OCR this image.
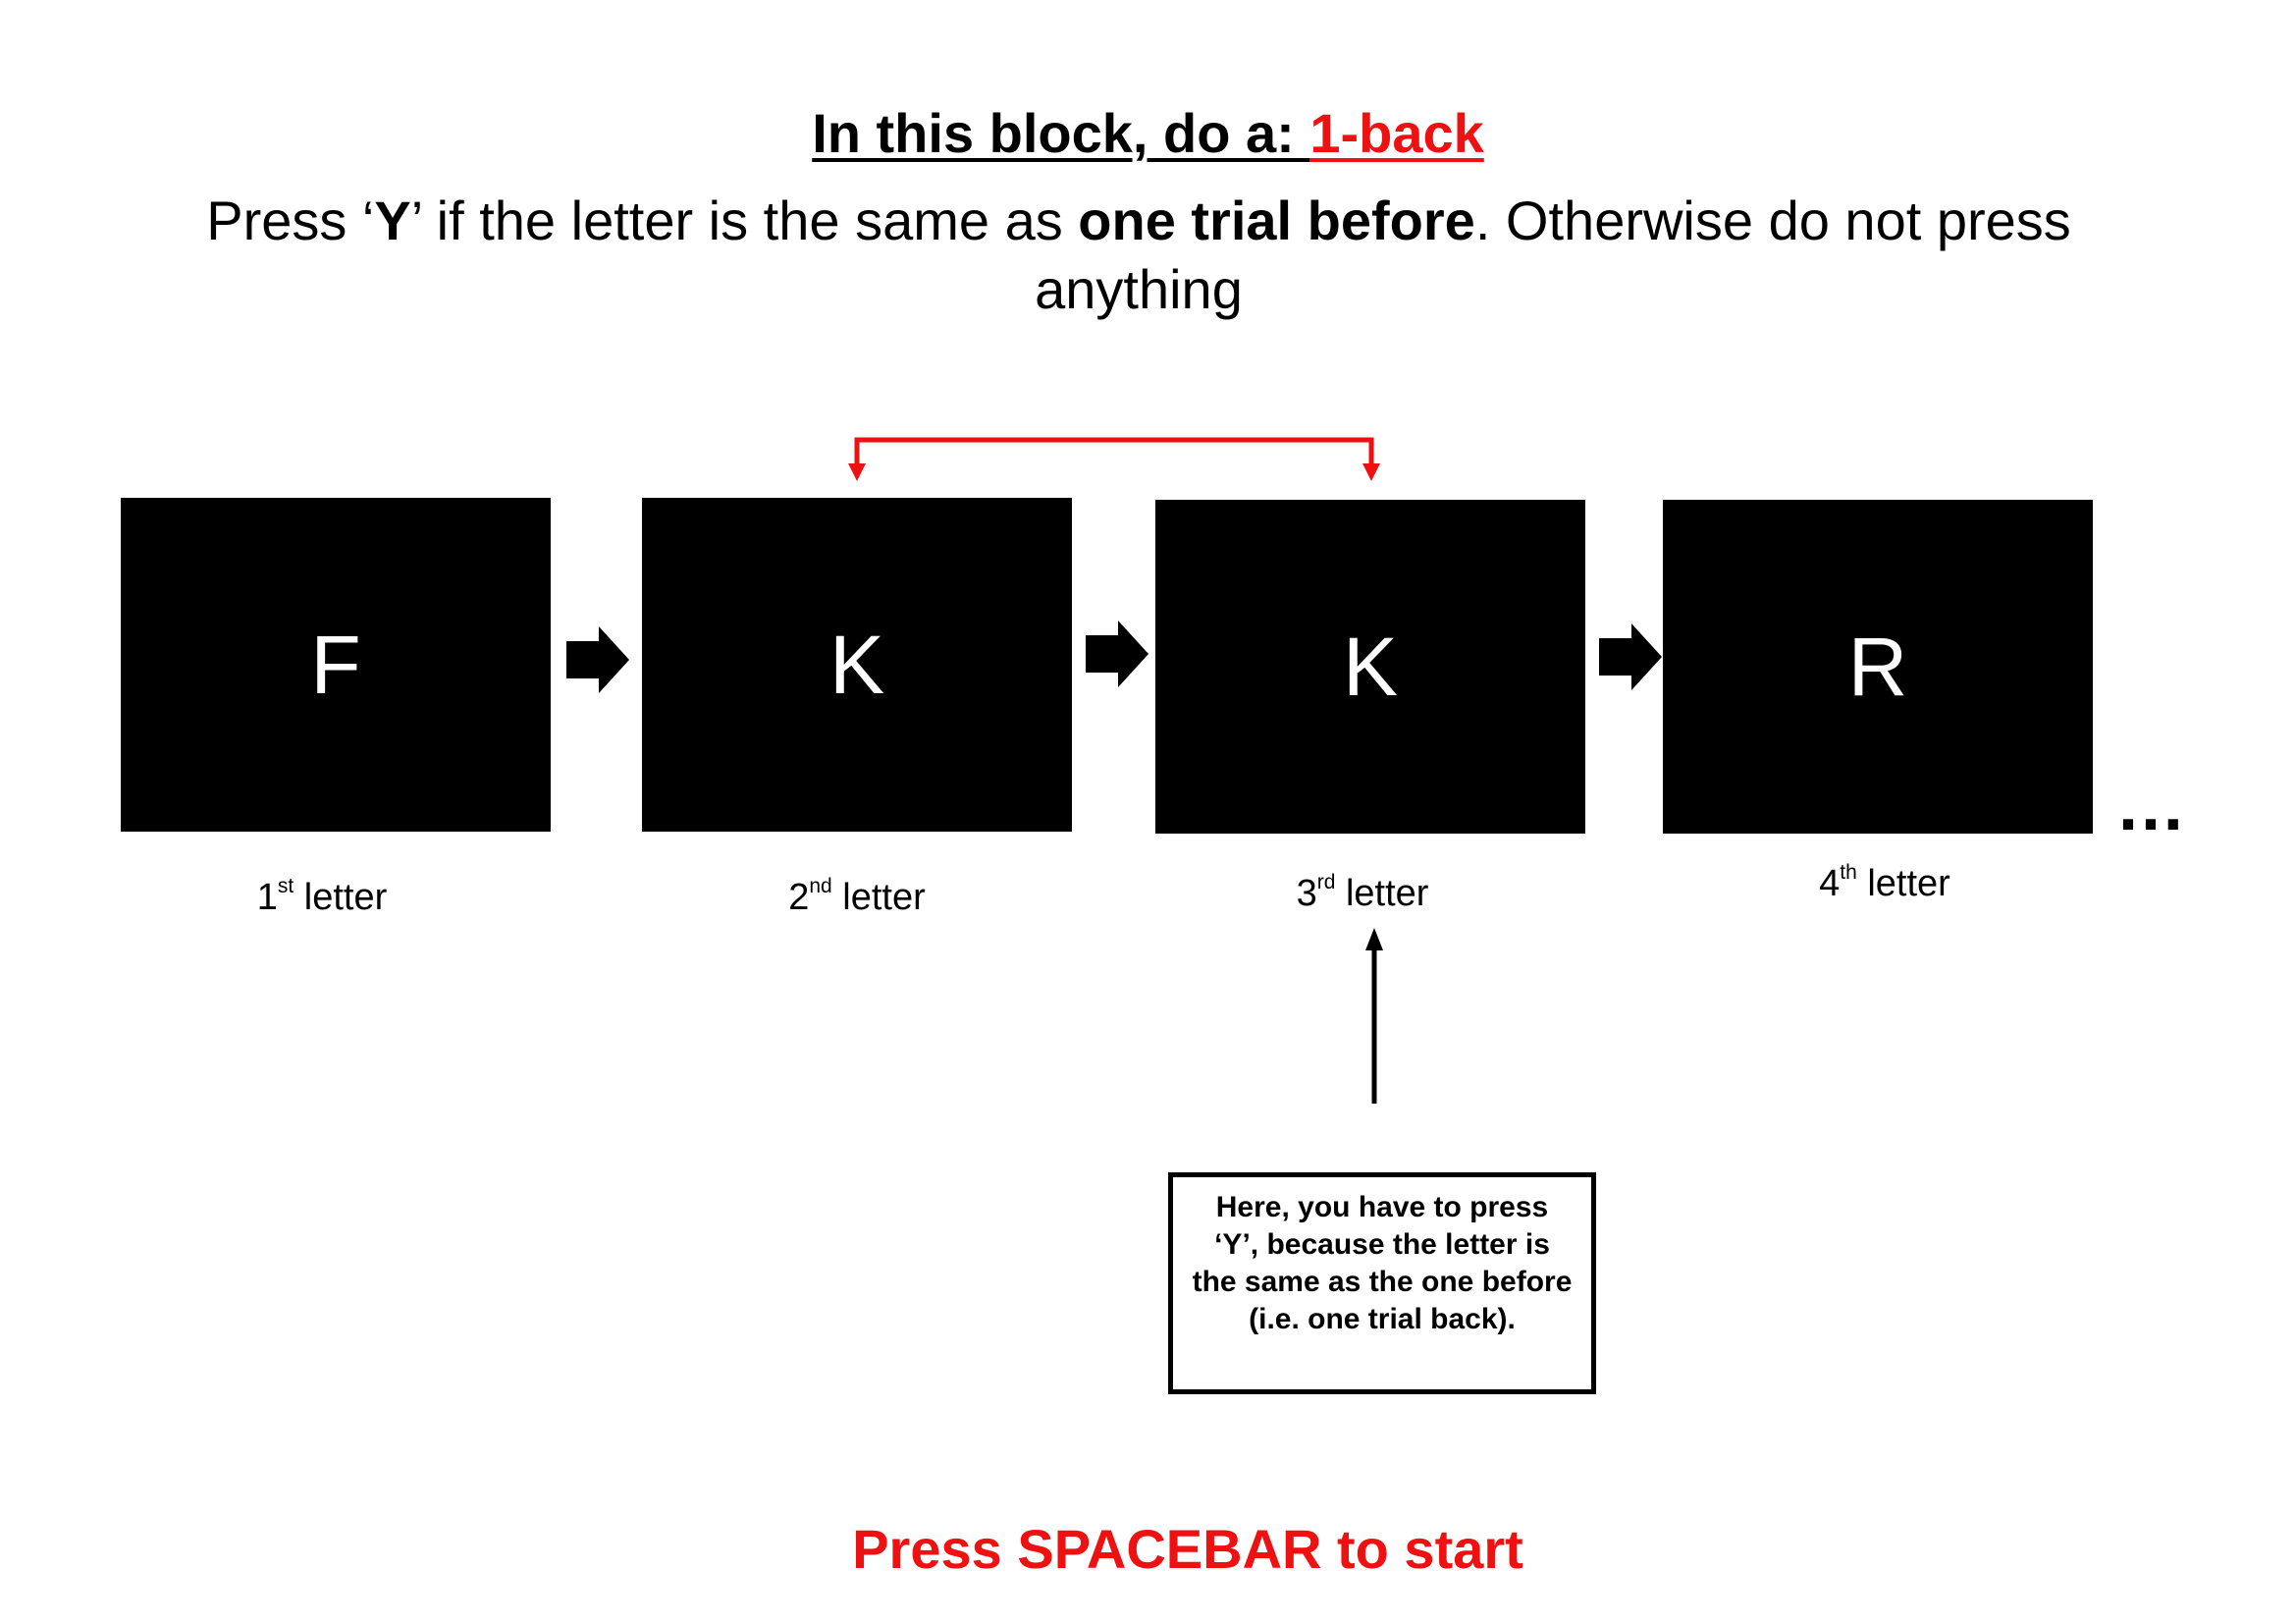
In this block, do a: 1-back
Press ‘Y’ if the letter is the same as one trial before. Otherwise do not press
anything
F	K	K	R
…
1st letter	2nd letter	3rd letter	4th letter
Here, you have to press
‘Y’, because the letter is
the same as the one before
(i.e. one trial back).
Press SPACEBAR to start
